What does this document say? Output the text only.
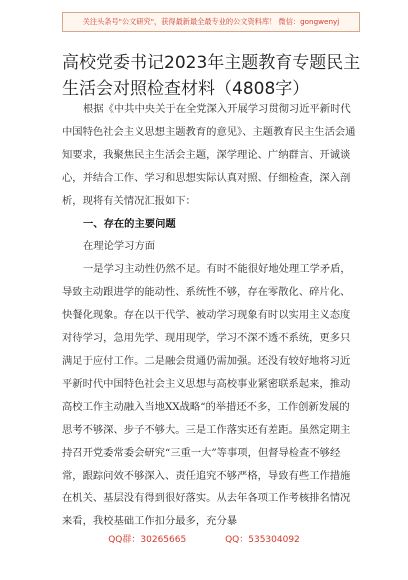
关注头条号"公文研究"，获得最新最全最专业的公文资料库！ 微信：gongwenyj
高校党委书记2023年主题教育专题民主生活会对照检查材料（4808字）

根据《中共中央关于在全党深入开展学习贯彻习近平新时代中国特色社会主义思想主题教育的意见》、主题教育民主生活会通知要求，我聚焦民主生活会主题，深学理论、广纳群言、开诚谈心，并结合工作、学习和思想实际认真对照、仔细检查，深入剖析，现将有关情况汇报如下：

一、存在的主要问题

在理论学习方面

一是学习主动性仍然不足。有时不能很好地处理工学矛盾，导致主动跟进学的能动性、系统性不够，存在零散化、碎片化、快餐化现象。存在以干代学、被动学习现象有时以实用主义态度对待学习，急用先学、现用现学，学习不深不透不系统，更多只满足于应付工作。二是融会贯通仍需加强。还没有较好地将习近平新时代中国特色社会主义思想与高校事业紧密联系起来，推动高校工作主动融入当地XX战略“的举措还不多，工作创新发展的思考不够深、步子不够大。三是工作落实还有差距。虽然定期主持召开党委常委会研究“三重一大”等事项，但督导检查不够经常，跟踪问效不够深入、责任追究不够严格，导致有些工作措施在机关、基层没有得到很好落实。从去年各项工作考核排名情况来看，我校基础工作扣分最多，充分暴

QQ群：30265665	QQ：535304092
